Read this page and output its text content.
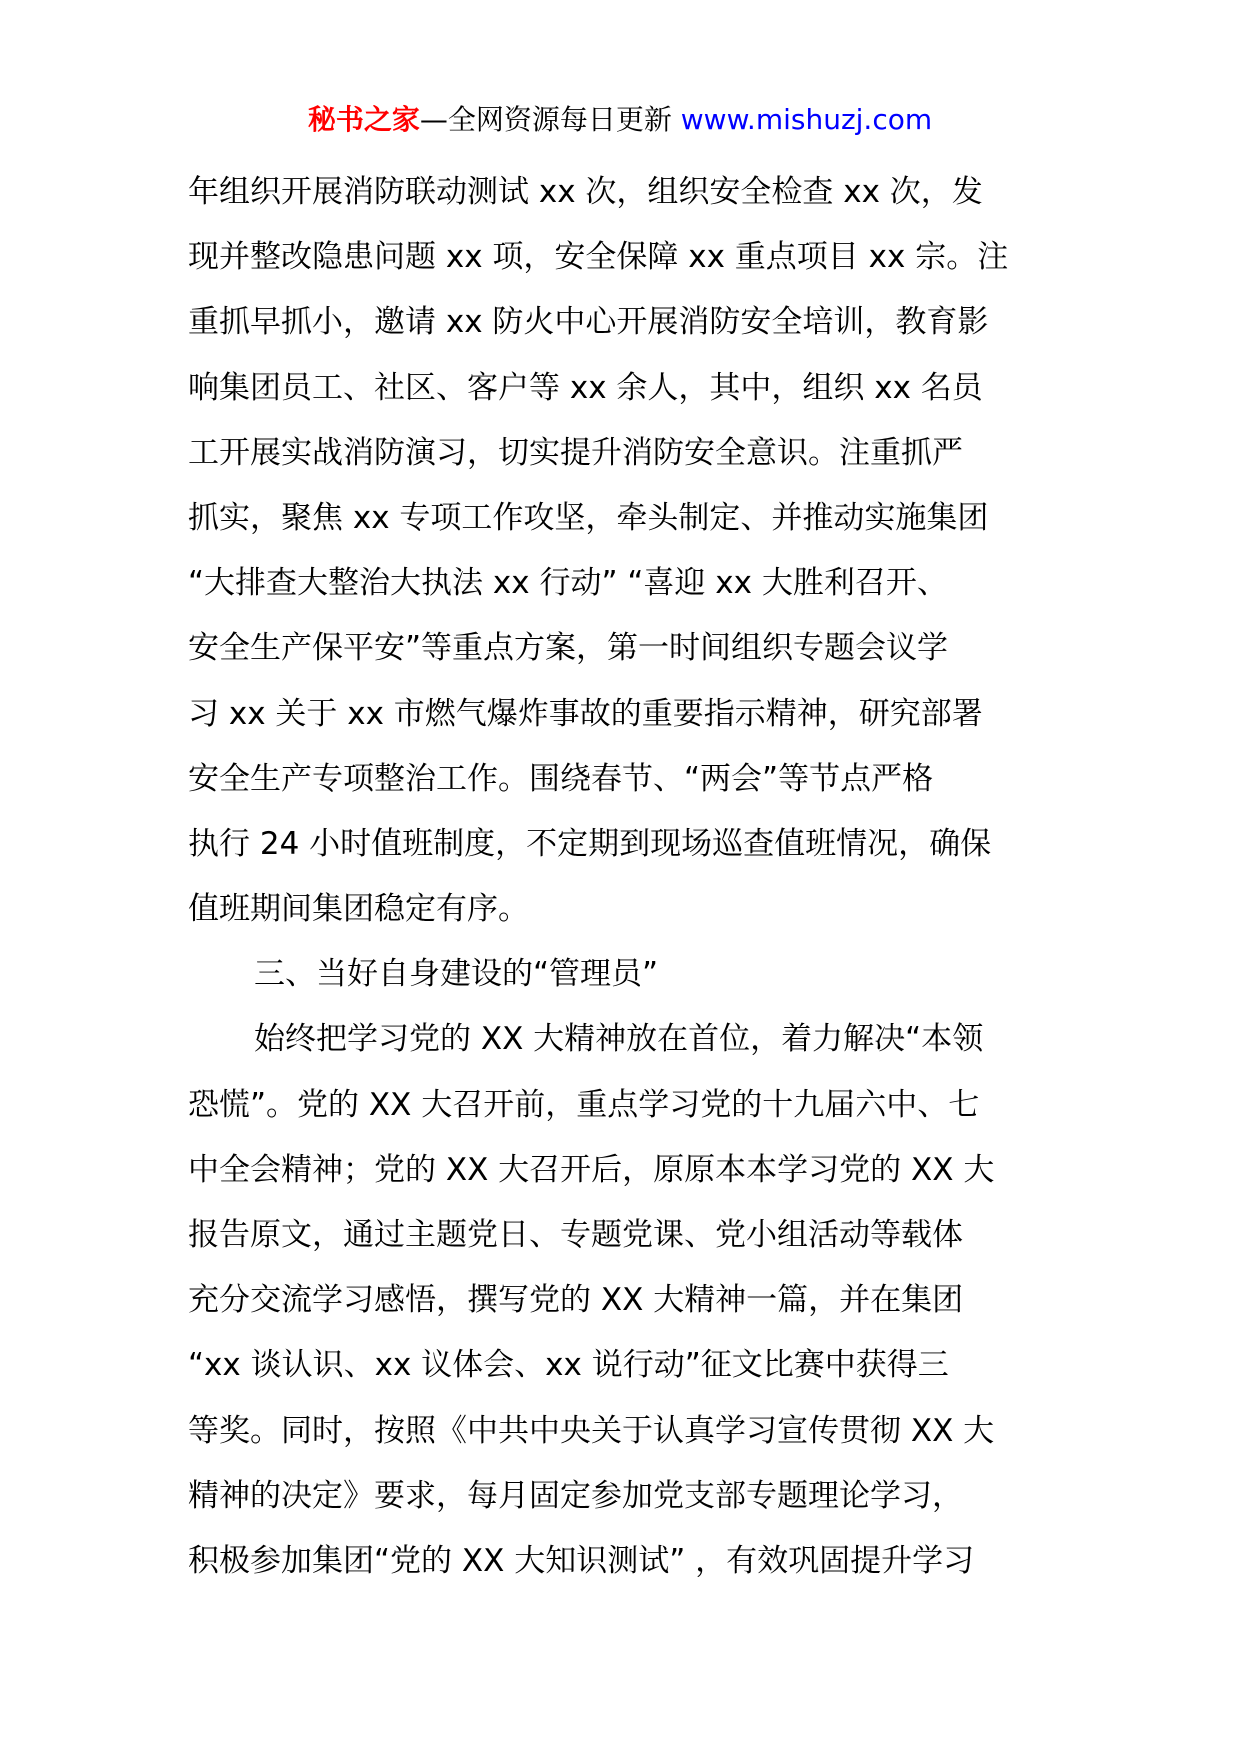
秘书之家—全网资源每日更新 www.mishuzj.com
年组织开展消防联动测试 xx 次，组织安全检查 xx 次，发
现并整改隐患问题 xx 项，安全保障 xx 重点项目 xx 宗。注
重抓早抓小，邀请 xx 防火中心开展消防安全培训，教育影
响集团员工、社区、客户等 xx 余人，其中，组织 xx 名员
工开展实战消防演习，切实提升消防安全意识。注重抓严
抓实，聚焦 xx 专项工作攻坚，牵头制定、并推动实施集团
“大排查大整治大执法 xx 行动” “喜迎 xx 大胜利召开、
安全生产保平安”等重点方案，第一时间组织专题会议学
习 xx 关于 xx 市燃气爆炸事故的重要指示精神，研究部署
安全生产专项整治工作。围绕春节、“两会”等节点严格
执行 24 小时值班制度，不定期到现场巡查值班情况，确保
值班期间集团稳定有序。
三、当好自身建设的“管理员”
始终把学习党的 XX 大精神放在首位，着力解决“本领
恐慌”。党的 XX 大召开前，重点学习党的十九届六中、七
中全会精神；党的 XX 大召开后，原原本本学习党的 XX 大
报告原文，通过主题党日、专题党课、党小组活动等载体
充分交流学习感悟，撰写党的 XX 大精神一篇，并在集团
“xx 谈认识、xx 议体会、xx 说行动”征文比赛中获得三
等奖。同时，按照《中共中央关于认真学习宣传贯彻 XX 大
精神的决定》要求，每月固定参加党支部专题理论学习，
积极参加集团“党的 XX 大知识测试” ，有效巩固提升学习
